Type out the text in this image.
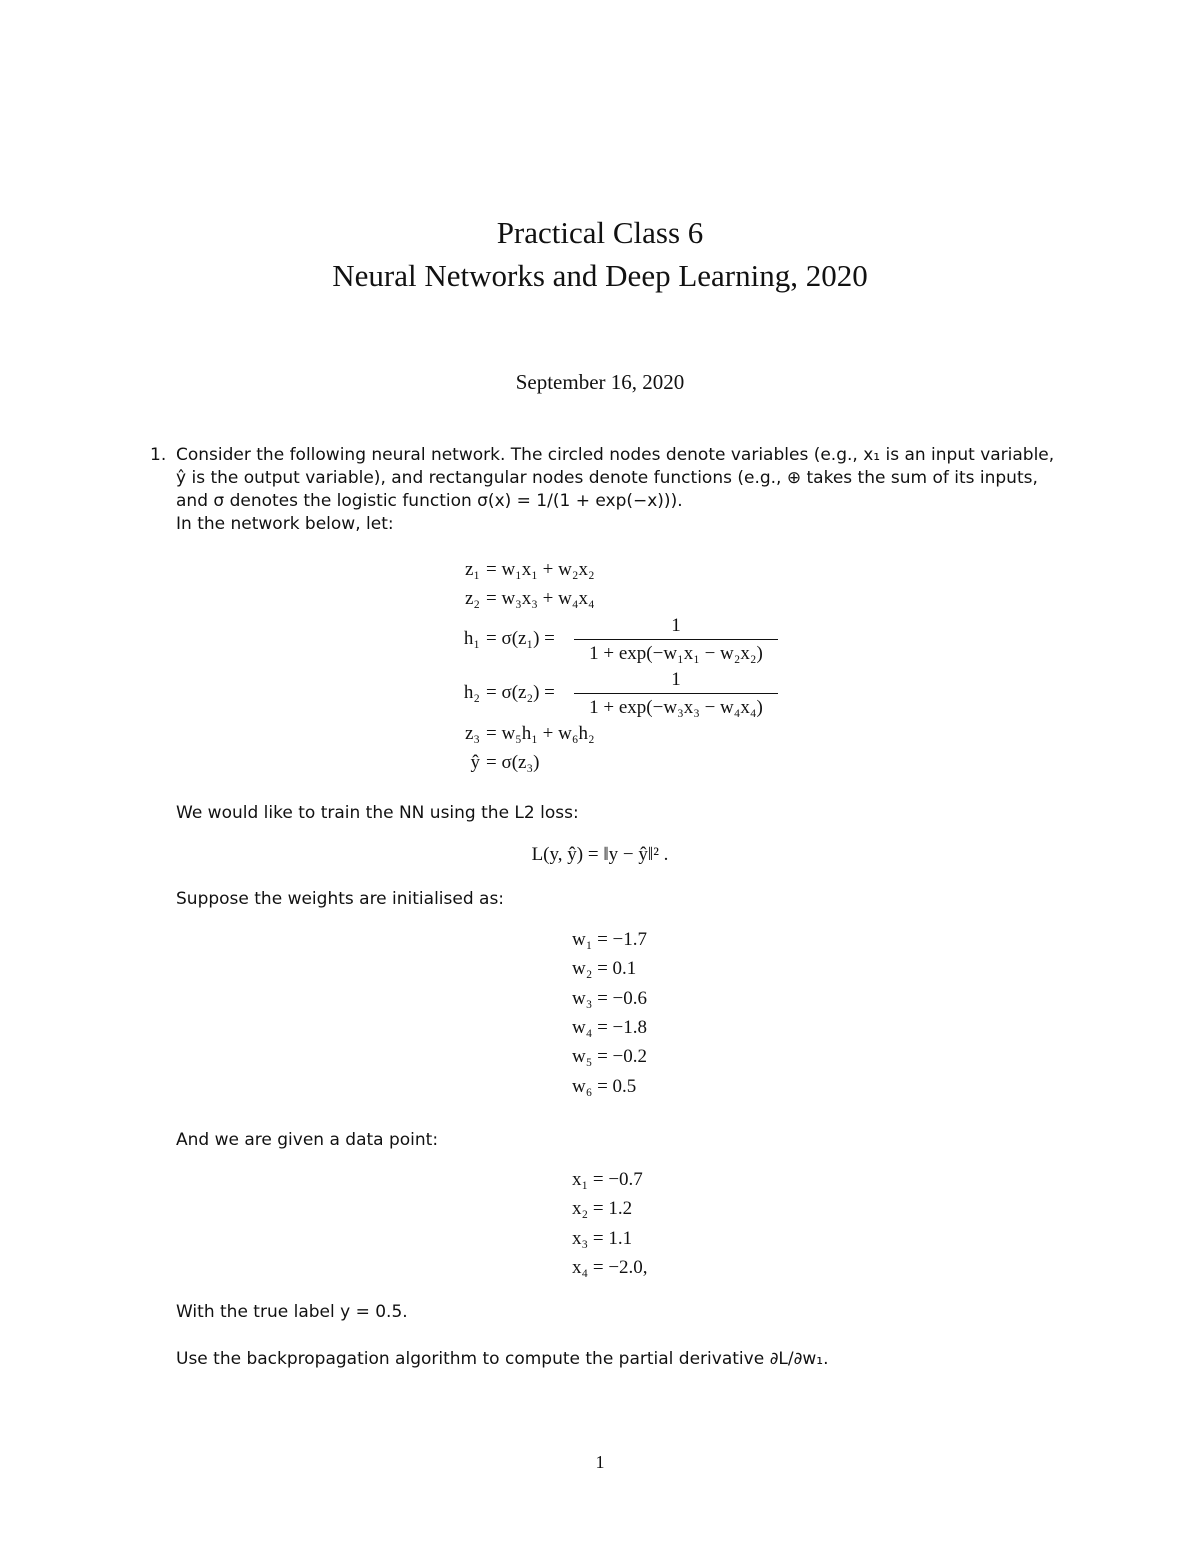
Practical Class 6
Neural Networks and Deep Learning, 2020
September 16, 2020
1. Consider the following neural network. The circled nodes denote variables (e.g., x₁ is an input variable,
ŷ is the output variable), and rectangular nodes denote functions (e.g., ⊕ takes the sum of its inputs,
and σ denotes the logistic function σ(x) = 1/(1 + exp(−x))).
In the network below, let:
z₁ = w₁x₁ + w₂x₂
z₂ = w₃x₃ + w₄x₄
h₁ = σ(z₁) =
1
1 + exp(−w₁x₁ − w₂x₂)
h₂ = σ(z₂) =
1
1 + exp(−w₃x₃ − w₄x₄)
z₃ = w₅h₁ + w₆h₂
ŷ = σ(z₃)
We would like to train the NN using the L2 loss:
L(y, ŷ) = ‖y − ŷ‖² .
Suppose the weights are initialised as:
w₁ = −1.7
w₂ = 0.1
w₃ = −0.6
w₄ = −1.8
w₅ = −0.2
w₆ = 0.5
And we are given a data point:
x₁ = −0.7
x₂ = 1.2
x₃ = 1.1
x₄ = −2.0,
With the true label y = 0.5.
Use the backpropagation algorithm to compute the partial derivative ∂L/∂w₁.
1
